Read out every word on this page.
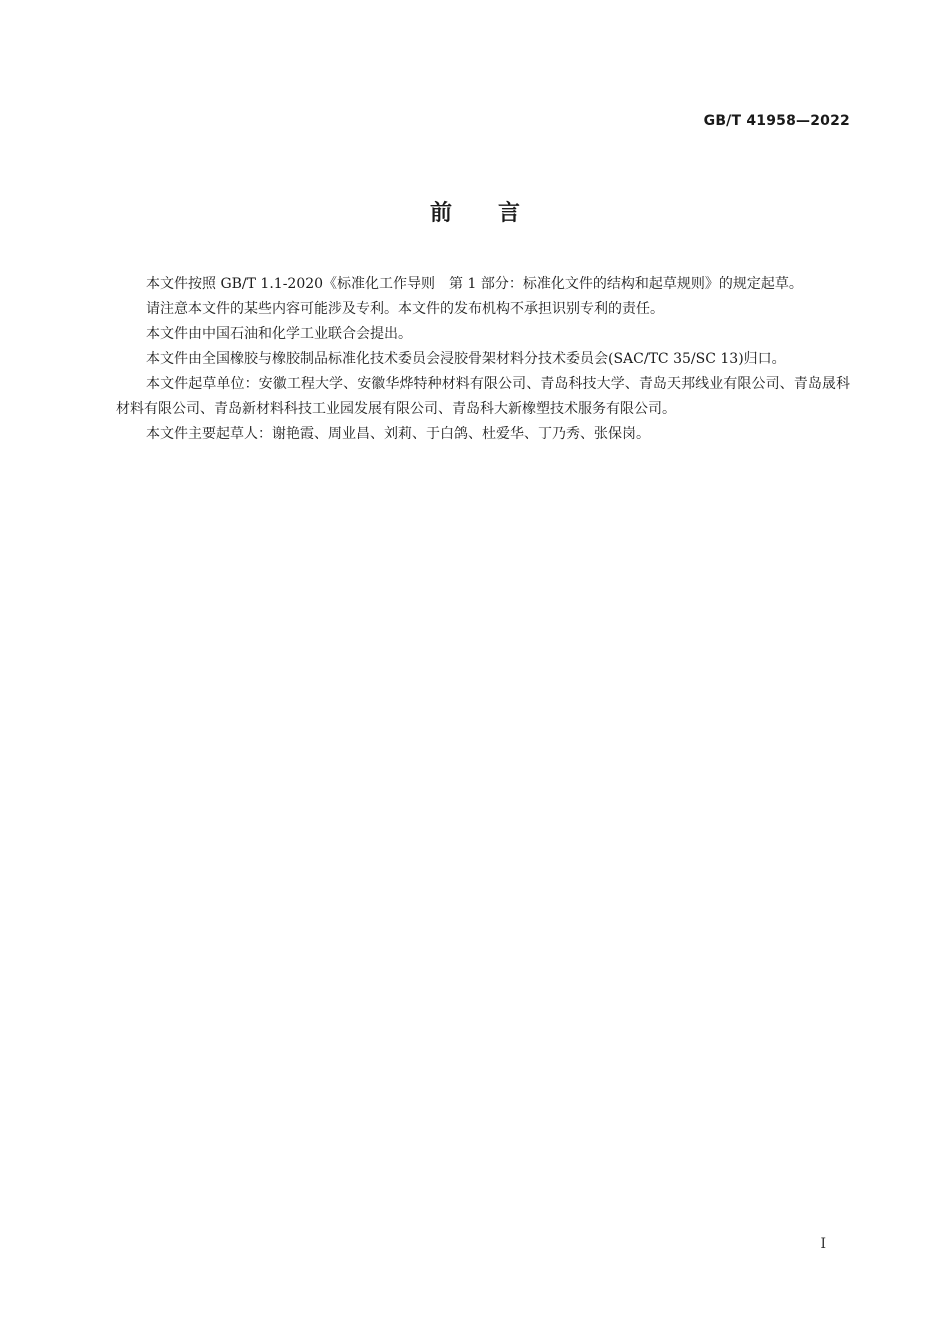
GB/T 41958—2022
前言

本文件按照 GB/T 1.1-2020《标准化工作导则　第 1 部分：标准化文件的结构和起草规则》的规定起草。

请注意本文件的某些内容可能涉及专利。本文件的发布机构不承担识别专利的责任。

本文件由中国石油和化学工业联合会提出。

本文件由全国橡胶与橡胶制品标准化技术委员会浸胶骨架材料分技术委员会(SAC/TC 35/SC 13)归口。

本文件起草单位：安徽工程大学、安徽华烨特种材料有限公司、青岛科技大学、青岛天邦线业有限公司、青岛晟科材料有限公司、青岛新材料科技工业园发展有限公司、青岛科大新橡塑技术服务有限公司。

本文件主要起草人：谢艳霞、周业昌、刘莉、于白鸽、杜爱华、丁乃秀、张保岗。

I
